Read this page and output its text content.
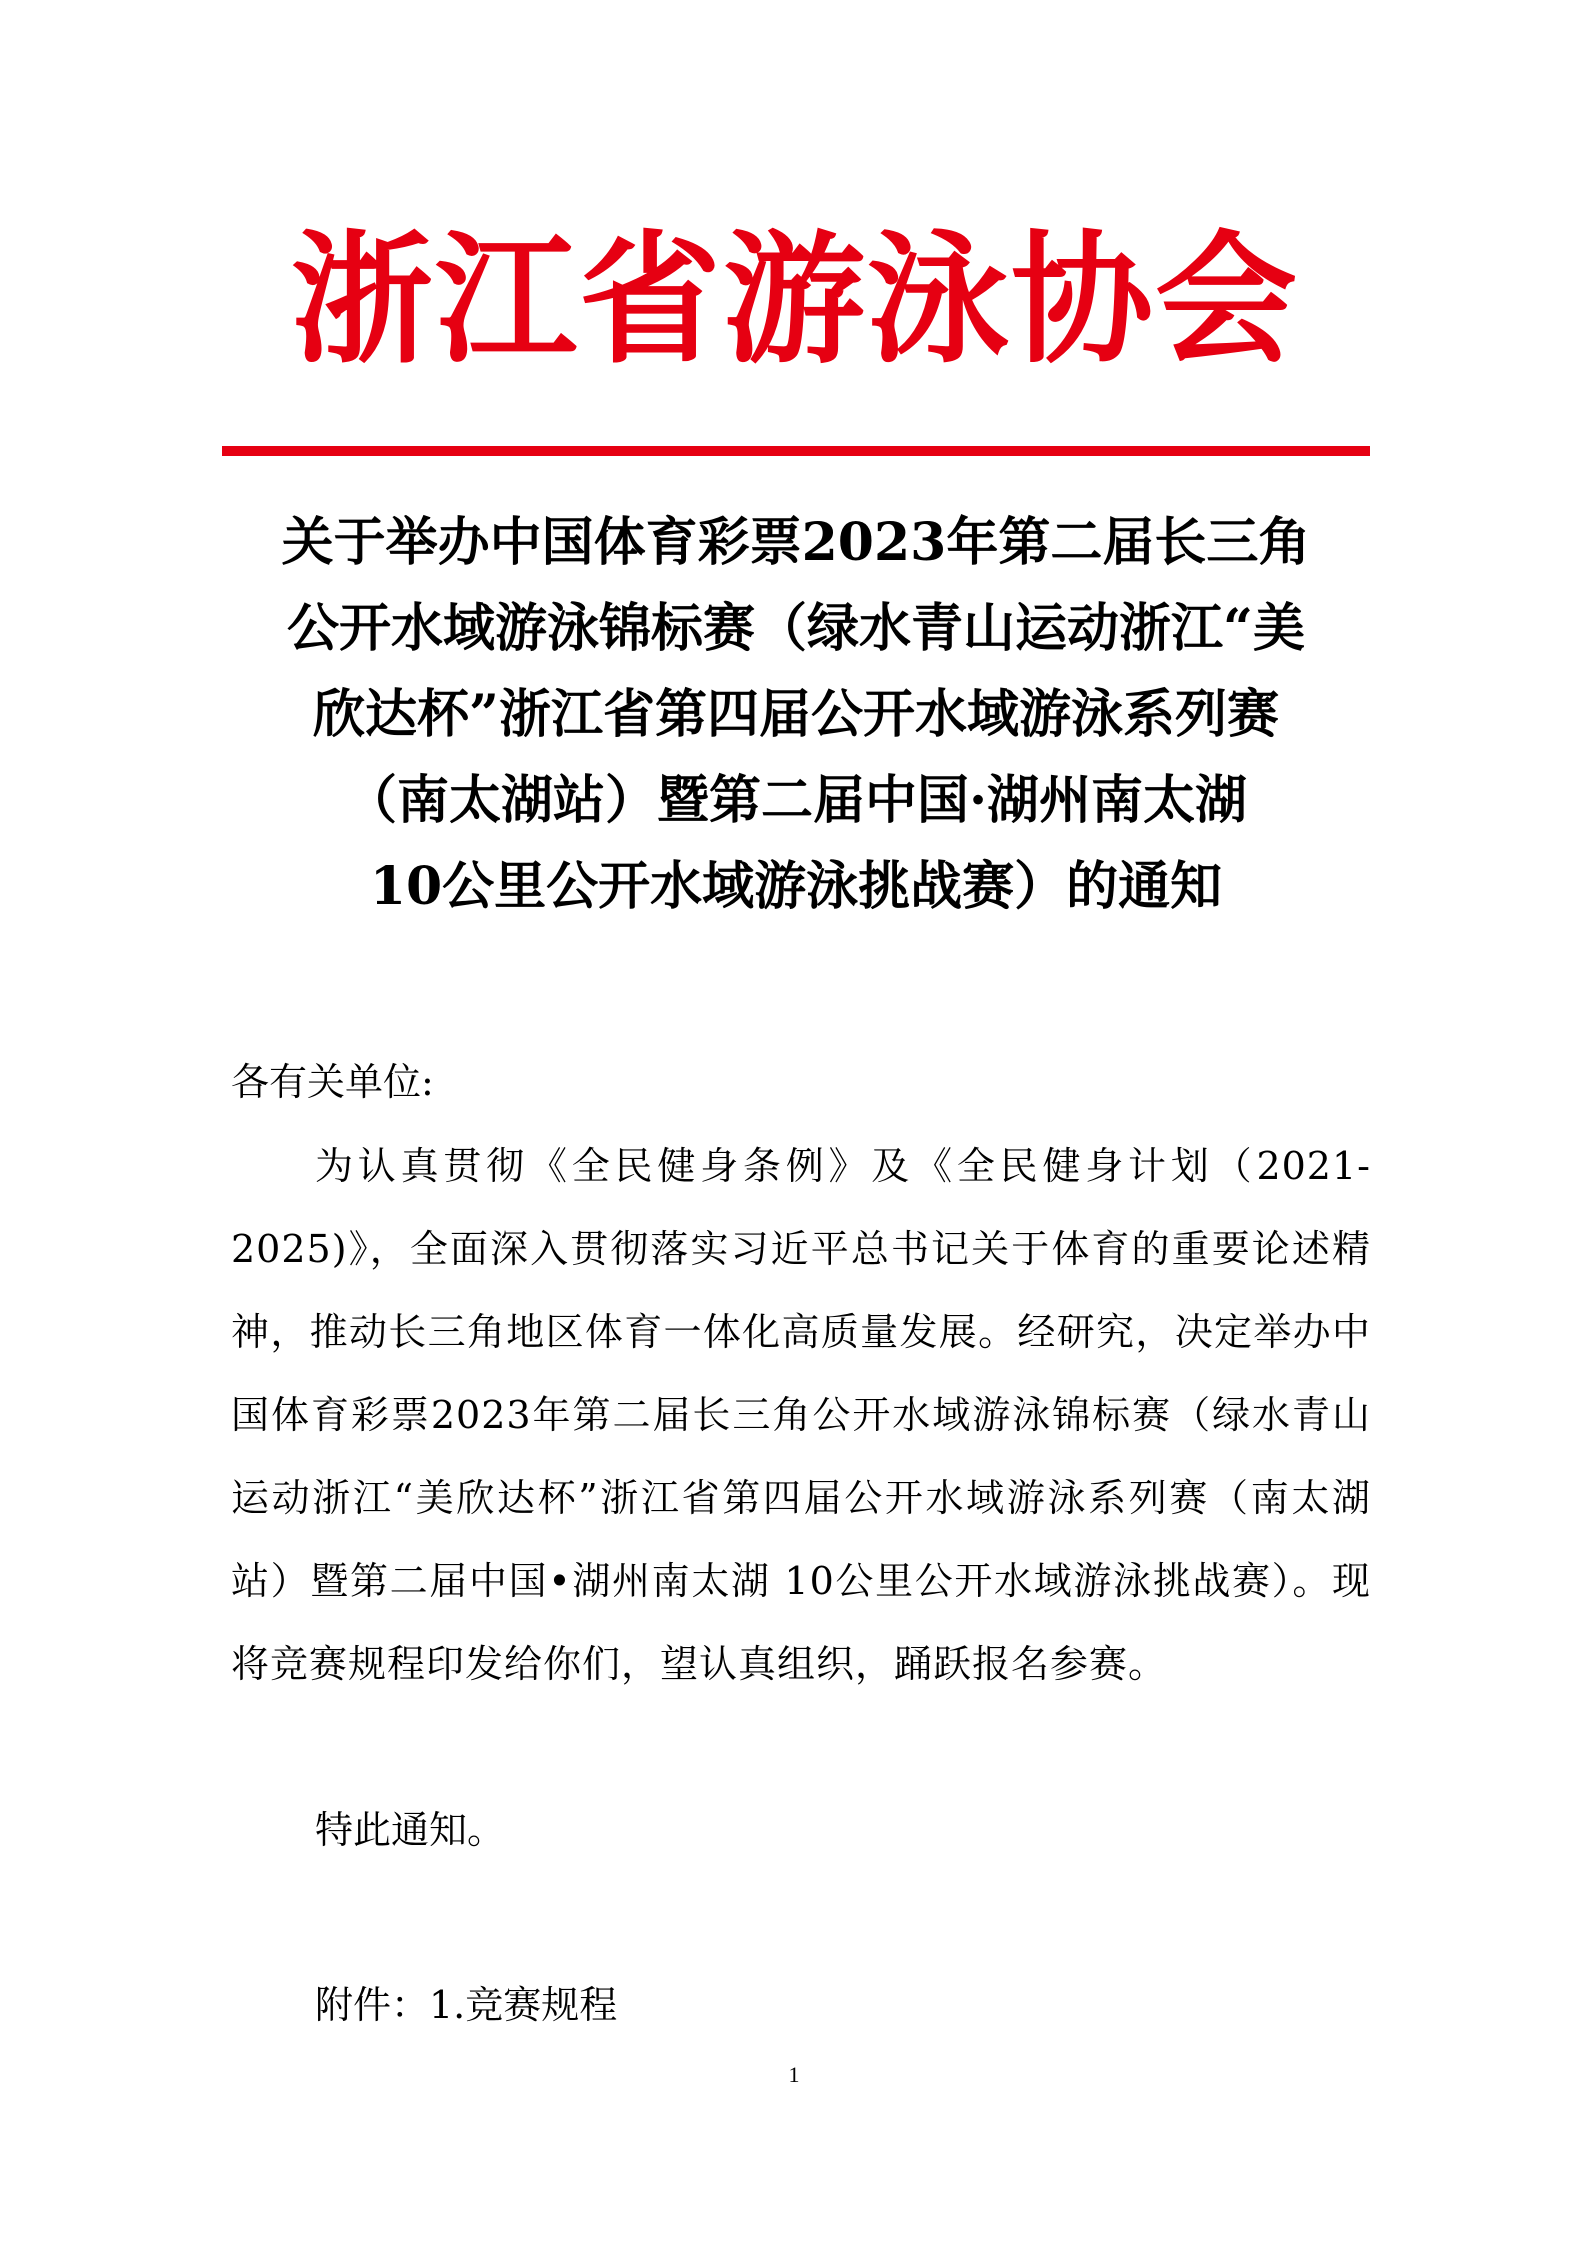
浙江省游泳协会
关于举办中国体育彩票2023年第二届长三角
公开水域游泳锦标赛（绿水青山运动浙江“美
欣达杯”浙江省第四届公开水域游泳系列赛
（南太湖站）暨第二届中国·湖州南太湖
10公里公开水域游泳挑战赛）的通知
各有关单位:
为认真贯彻《全民健身条例》及《全民健身计划（2021-2025)》，全面深入贯彻落实习近平总书记关于体育的重要论述精神，推动长三角地区体育一体化高质量发展。经研究，决定举办中国体育彩票2023年第二届长三角公开水域游泳锦标赛（绿水青山运动浙江“美欣达杯”浙江省第四届公开水域游泳系列赛（南太湖站）暨第二届中国•湖州南太湖 10公里公开水域游泳挑战赛）。现将竞赛规程印发给你们，望认真组织，踊跃报名参赛。
特此通知。
附件：1.竞赛规程
1
